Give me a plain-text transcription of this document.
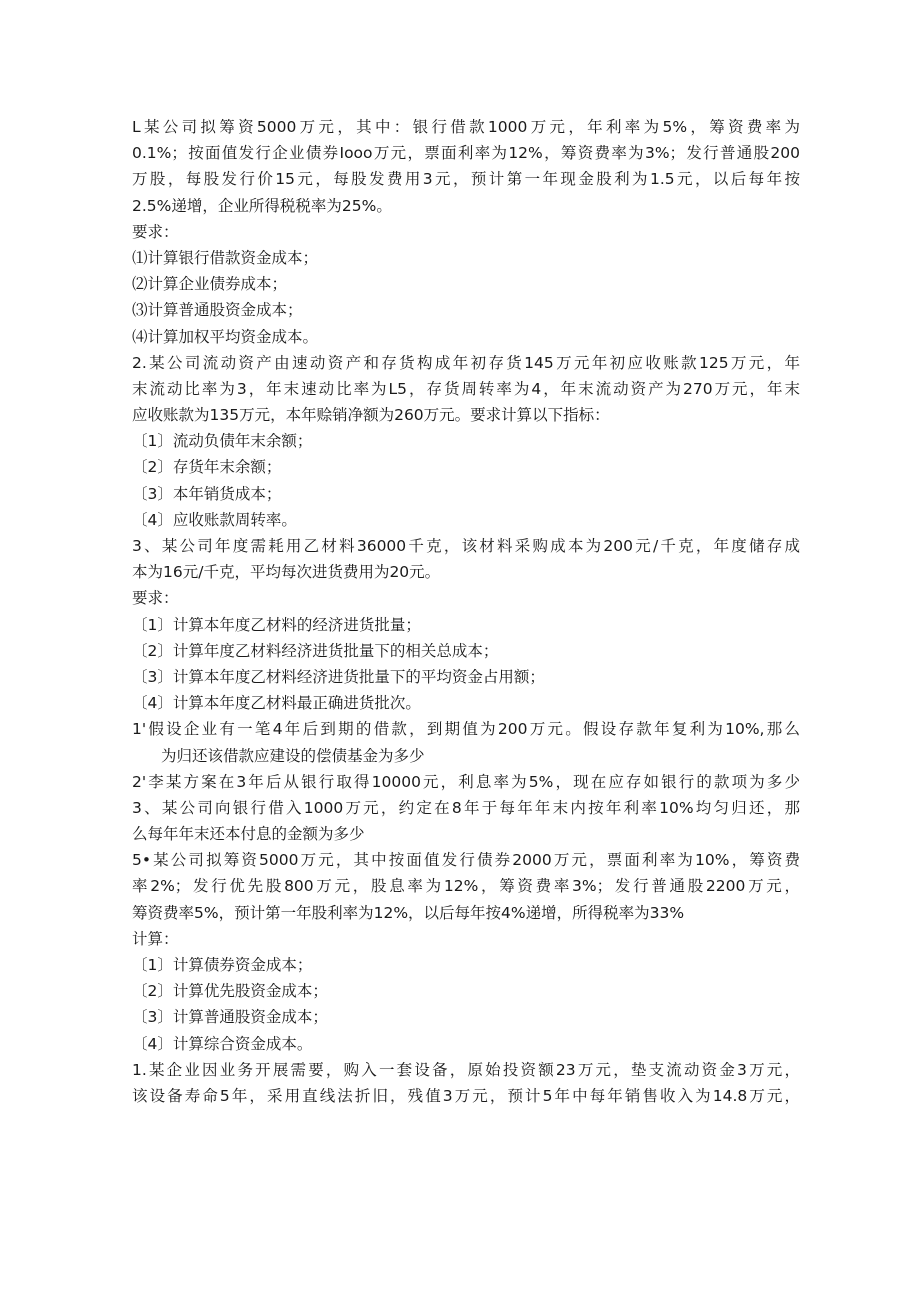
L某公司拟筹资5000万元，其中：银行借款1000万元，年利率为5%，筹资费率为
0.1%；按面值发行企业债券Iooo万元，票面利率为12%，筹资费率为3%；发行普通股200
万股，每股发行价15元，每股发费用3元，预计第一年现金股利为1.5元，以后每年按
2.5%递增，企业所得税税率为25%。
要求：
⑴计算银行借款资金成本；
⑵计算企业债券成本；
⑶计算普通股资金成本；
⑷计算加权平均资金成本。
2.某公司流动资产由速动资产和存货构成年初存货145万元年初应收账款125万元，年
末流动比率为3，年末速动比率为L5，存货周转率为4，年末流动资产为270万元，年末
应收账款为135万元，本年赊销净额为260万元。要求计算以下指标：
〔1〕流动负债年末余额；
〔2〕存货年末余额；
〔3〕本年销货成本；
〔4〕应收账款周转率。
3、某公司年度需耗用乙材料36000千克，该材料采购成本为200元/千克，年度储存成
本为16元/千克，平均每次进货费用为20元。
要求：
〔1〕计算本年度乙材料的经济进货批量；
〔2〕计算年度乙材料经济进货批量下的相关总成本；
〔3〕计算本年度乙材料经济进货批量下的平均资金占用额；
〔4〕计算本年度乙材料最正确进货批次。
1'假设企业有一笔4年后到期的借款，到期值为200万元。假设存款年复利为10%,那么
为归还该借款应建设的偿债基金为多少
2'李某方案在3年后从银行取得10000元，利息率为5%，现在应存如银行的款项为多少
3、某公司向银行借入1000万元，约定在8年于每年年末内按年利率10%均匀归还，那
么每年年末还本付息的金额为多少
5•某公司拟筹资5000万元，其中按面值发行债券2000万元，票面利率为10%，筹资费
率2%；发行优先股800万元，股息率为12%，筹资费率3%；发行普通股2200万元，
筹资费率5%，预计第一年股利率为12%，以后每年按4%递增，所得税率为33%
计算：
〔1〕计算债券资金成本；
〔2〕计算优先股资金成本；
〔3〕计算普通股资金成本；
〔4〕计算综合资金成本。
1.某企业因业务开展需要，购入一套设备，原始投资额23万元，垫支流动资金3万元，
该设备寿命5年，采用直线法折旧，残值3万元，预计5年中每年销售收入为14.8万元，
